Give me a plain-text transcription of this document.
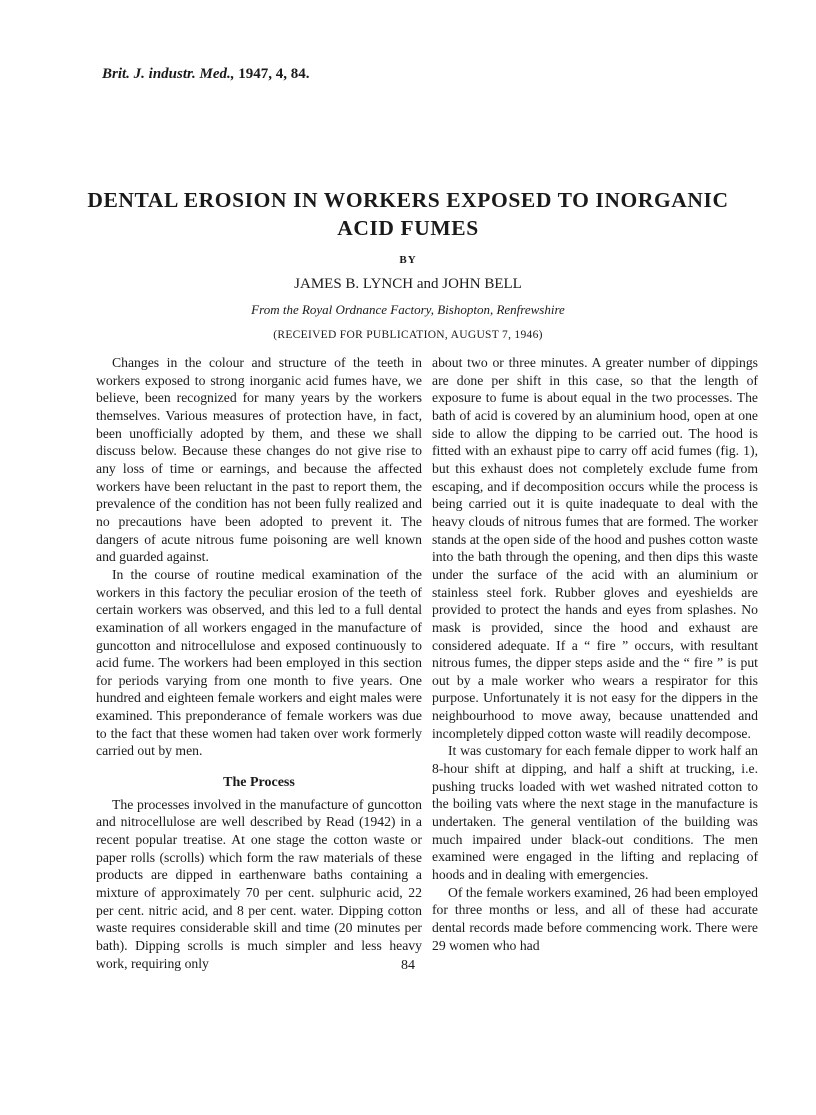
Brit. J. industr. Med., 1947, 4, 84.
DENTAL EROSION IN WORKERS EXPOSED TO INORGANIC ACID FUMES
BY
JAMES B. LYNCH and JOHN BELL
From the Royal Ordnance Factory, Bishopton, Renfrewshire
(RECEIVED FOR PUBLICATION, AUGUST 7, 1946)

Changes in the colour and structure of the teeth in workers exposed to strong inorganic acid fumes have, we believe, been recognized for many years by the workers themselves. Various measures of protection have, in fact, been unofficially adopted by them, and these we shall discuss below. Because these changes do not give rise to any loss of time or earnings, and because the affected workers have been reluctant in the past to report them, the prevalence of the condition has not been fully realized and no precautions have been adopted to prevent it. The dangers of acute nitrous fume poisoning are well known and guarded against.

In the course of routine medical examination of the workers in this factory the peculiar erosion of the teeth of certain workers was observed, and this led to a full dental examination of all workers engaged in the manufacture of guncotton and nitrocellulose and exposed continuously to acid fume. The workers had been employed in this section for periods varying from one month to five years. One hundred and eighteen female workers and eight males were examined. This preponderance of female workers was due to the fact that these women had taken over work formerly carried out by men.

The Process

The processes involved in the manufacture of guncotton and nitrocellulose are well described by Read (1942) in a recent popular treatise. At one stage the cotton waste or paper rolls (scrolls) which form the raw materials of these products are dipped in earthenware baths containing a mixture of approximately 70 per cent. sulphuric acid, 22 per cent. nitric acid, and 8 per cent. water. Dipping cotton waste requires considerable skill and time (20 minutes per bath). Dipping scrolls is much simpler and less heavy work, requiring only

about two or three minutes. A greater number of dippings are done per shift in this case, so that the length of exposure to fume is about equal in the two processes. The bath of acid is covered by an aluminium hood, open at one side to allow the dipping to be carried out. The hood is fitted with an exhaust pipe to carry off acid fumes (fig. 1), but this exhaust does not completely exclude fume from escaping, and if decomposition occurs while the process is being carried out it is quite inadequate to deal with the heavy clouds of nitrous fumes that are formed. The worker stands at the open side of the hood and pushes cotton waste into the bath through the opening, and then dips this waste under the surface of the acid with an aluminium or stainless steel fork. Rubber gloves and eyeshields are provided to protect the hands and eyes from splashes. No mask is provided, since the hood and exhaust are considered adequate. If a “ fire ” occurs, with resultant nitrous fumes, the dipper steps aside and the “ fire ” is put out by a male worker who wears a respirator for this purpose. Unfortunately it is not easy for the dippers in the neighbourhood to move away, because unattended and incompletely dipped cotton waste will readily decompose.

It was customary for each female dipper to work half an 8-hour shift at dipping, and half a shift at trucking, i.e. pushing trucks loaded with wet washed nitrated cotton to the boiling vats where the next stage in the manufacture is undertaken. The general ventilation of the building was much impaired under black-out conditions. The men examined were engaged in the lifting and replacing of hoods and in dealing with emergencies.

Of the female workers examined, 26 had been employed for three months or less, and all of these had accurate dental records made before commencing work. There were 29 women who had

84
